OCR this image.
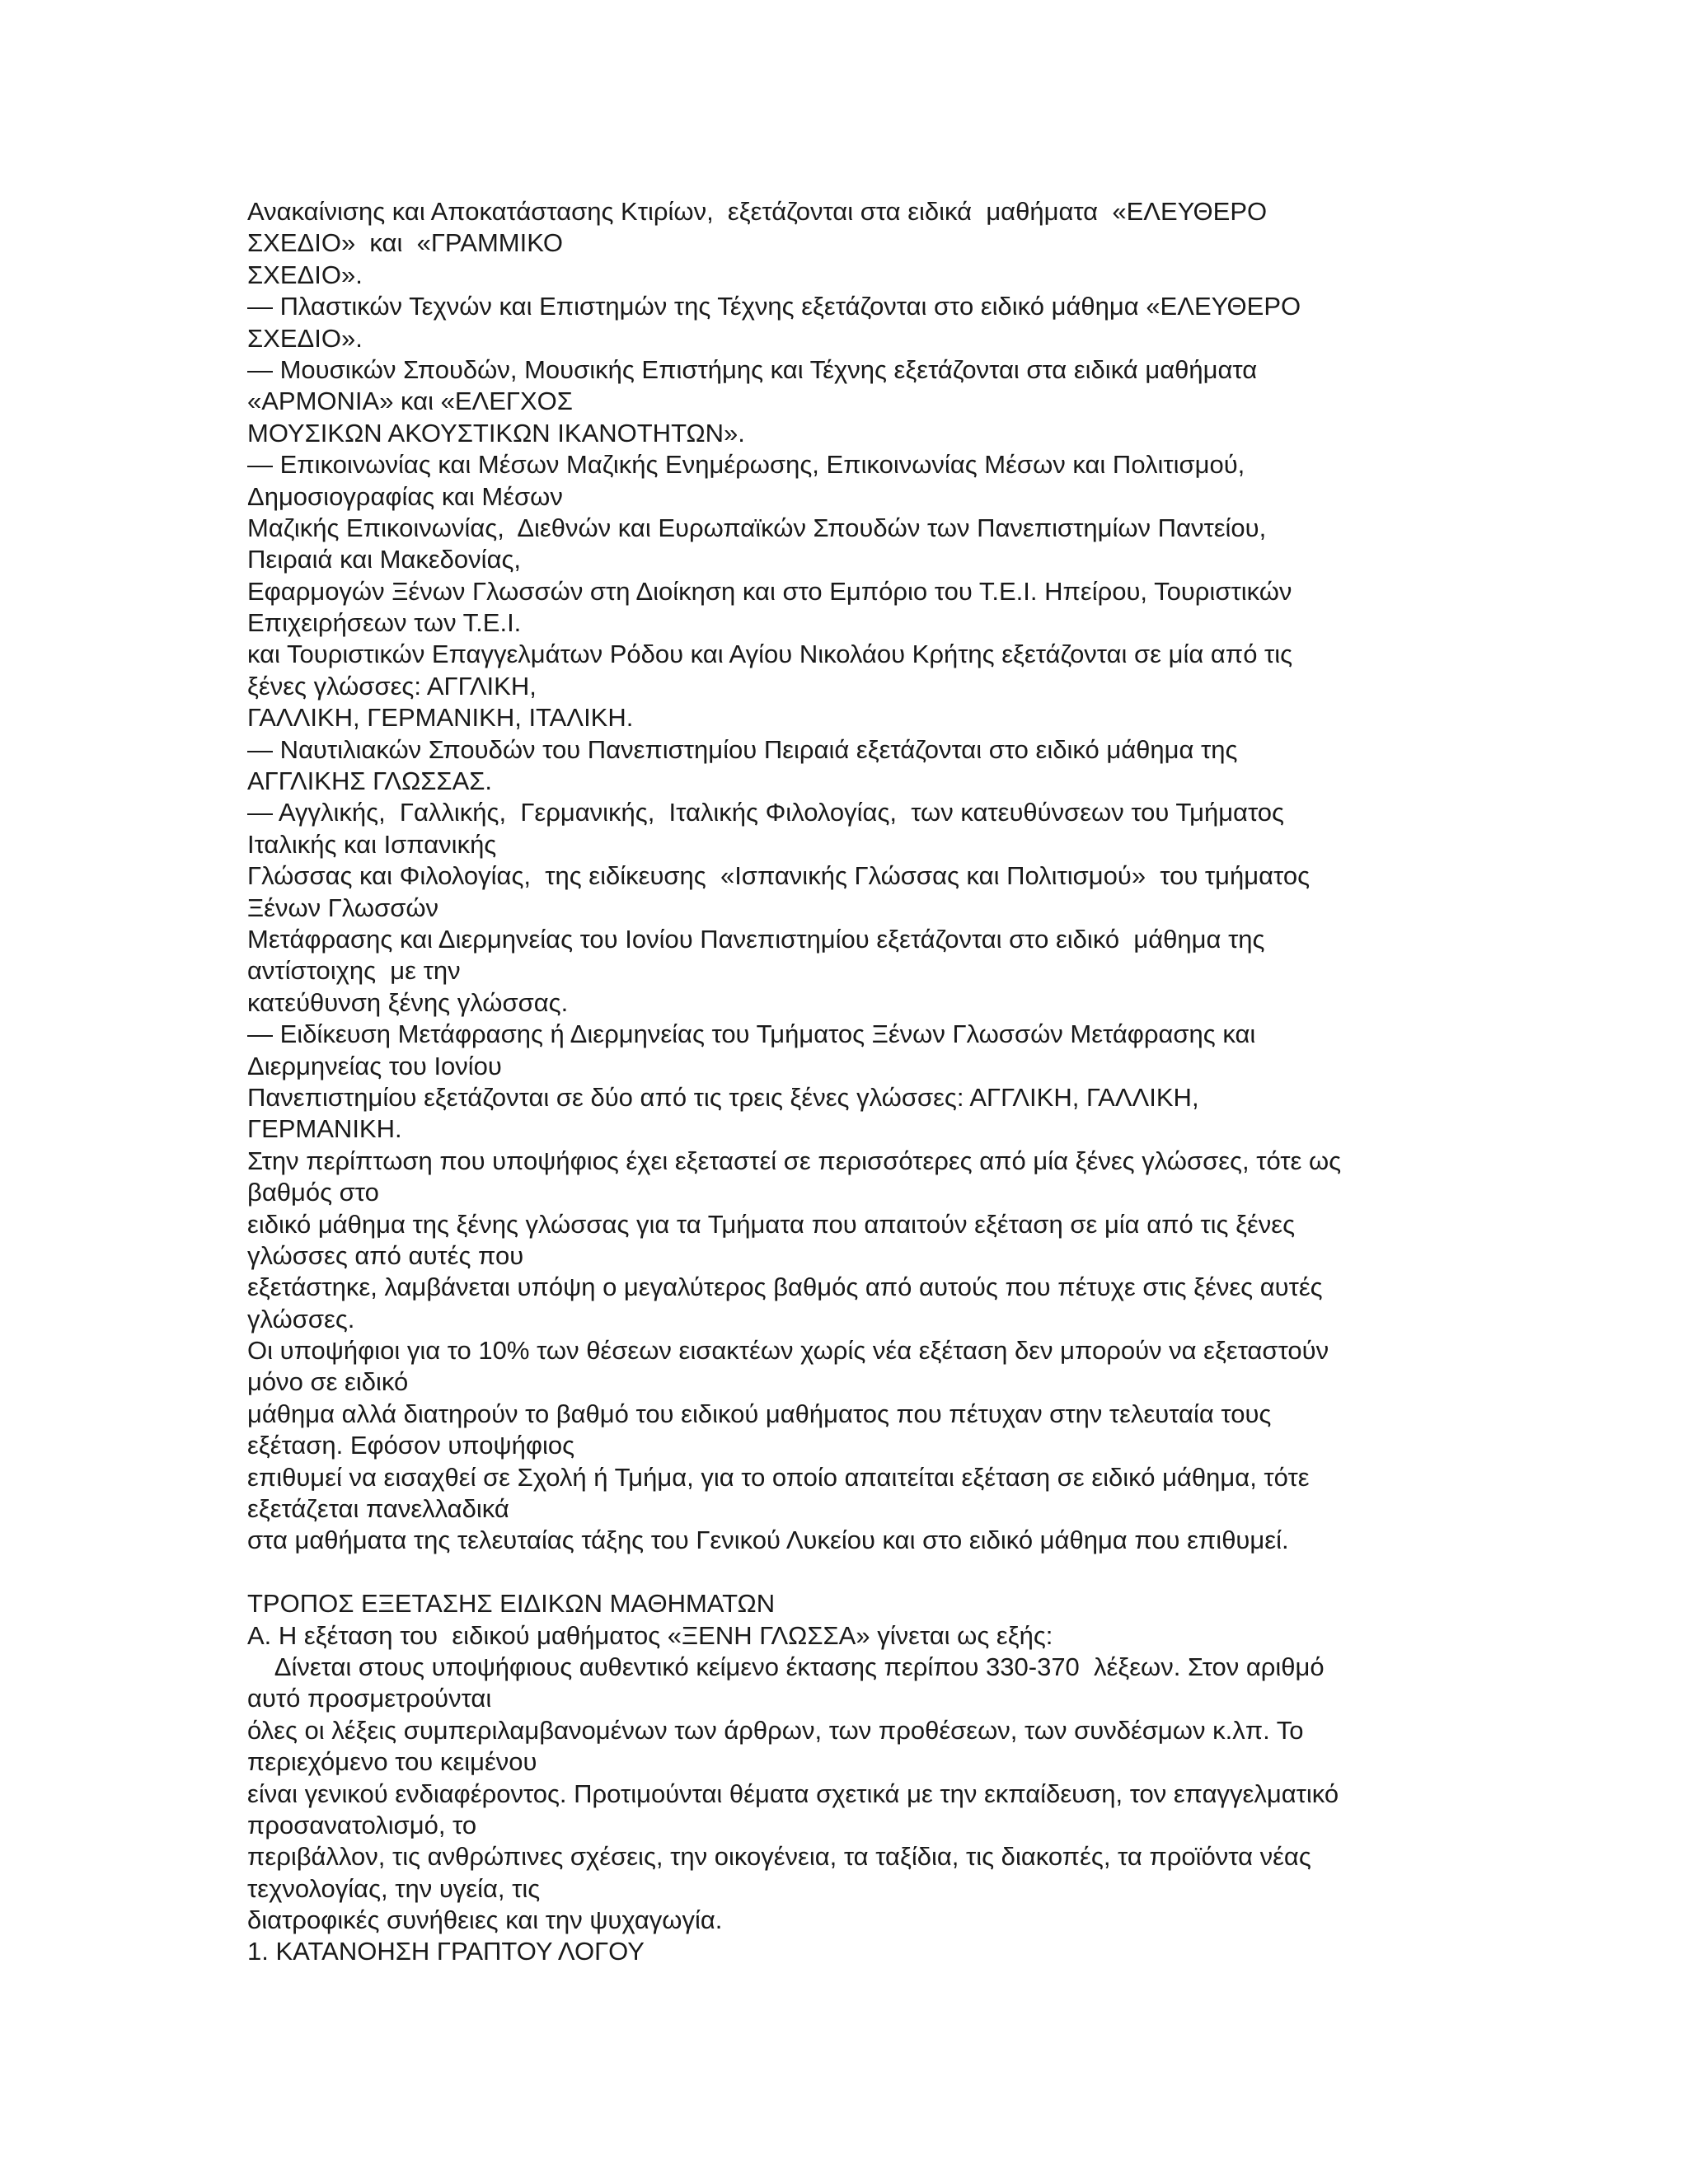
Ανακαίνισης και Αποκατάστασης Κτιρίων,  εξετάζονται στα ειδικά  μαθήματα  «ΕΛΕΥΘΕΡΟ
ΣΧΕΔΙΟ»  και  «ΓΡΑΜΜΙΚΟ
ΣΧΕΔΙΟ».
— Πλαστικών Τεχνών και Επιστημών της Τέχνης εξετάζονται στο ειδικό μάθημα «ΕΛΕΥΘΕΡΟ
ΣΧΕΔΙΟ».
— Μουσικών Σπουδών, Μουσικής Επιστήμης και Τέχνης εξετάζονται στα ειδικά μαθήματα
«ΑΡΜΟΝΙΑ» και «ΕΛΕΓΧΟΣ
ΜΟΥΣΙΚΩΝ ΑΚΟΥΣΤΙΚΩΝ ΙΚΑΝΟΤΗΤΩΝ».
— Επικοινωνίας και Μέσων Μαζικής Ενημέρωσης, Επικοινωνίας Μέσων και Πολιτισμού,
Δημοσιογραφίας και Μέσων
Μαζικής Επικοινωνίας,  Διεθνών και Ευρωπαϊκών Σπουδών των Πανεπιστημίων Παντείου,
Πειραιά και Μακεδονίας,
Εφαρμογών Ξένων Γλωσσών στη Διοίκηση και στο Εμπόριο του Τ.Ε.Ι. Ηπείρου, Τουριστικών
Επιχειρήσεων των Τ.Ε.Ι.
και Τουριστικών Επαγγελμάτων Ρόδου και Αγίου Νικολάου Κρήτης εξετάζονται σε μία από τις
ξένες γλώσσες: ΑΓΓΛΙΚΗ,
ΓΑΛΛΙΚΗ, ΓΕΡΜΑΝΙΚΗ, ΙΤΑΛΙΚΗ.
— Ναυτιλιακών Σπουδών του Πανεπιστημίου Πειραιά εξετάζονται στο ειδικό μάθημα της
ΑΓΓΛΙΚΗΣ ΓΛΩΣΣΑΣ.
— Αγγλικής,  Γαλλικής,  Γερμανικής,  Ιταλικής Φιλολογίας,  των κατευθύνσεων του Τμήματος
Ιταλικής και Ισπανικής
Γλώσσας και Φιλολογίας,  της ειδίκευσης  «Ισπανικής Γλώσσας και Πολιτισμού»  του τμήματος
Ξένων Γλωσσών
Μετάφρασης και Διερμηνείας του Ιονίου Πανεπιστημίου εξετάζονται στο ειδικό  μάθημα της
αντίστοιχης  με την
κατεύθυνση ξένης γλώσσας.
— Ειδίκευση Μετάφρασης ή Διερμηνείας του Τμήματος Ξένων Γλωσσών Μετάφρασης και
Διερμηνείας του Ιονίου
Πανεπιστημίου εξετάζονται σε δύο από τις τρεις ξένες γλώσσες: ΑΓΓΛΙΚΗ, ΓΑΛΛΙΚΗ,
ΓΕΡΜΑΝΙΚΗ.
Στην περίπτωση που υποψήφιος έχει εξεταστεί σε περισσότερες από μία ξένες γλώσσες, τότε ως
βαθμός στο
ειδικό μάθημα της ξένης γλώσσας για τα Τμήματα που απαιτούν εξέταση σε μία από τις ξένες
γλώσσες από αυτές που
εξετάστηκε, λαμβάνεται υπόψη ο μεγαλύτερος βαθμός από αυτούς που πέτυχε στις ξένες αυτές
γλώσσες.
Οι υποψήφιοι για το 10% των θέσεων εισακτέων χωρίς νέα εξέταση δεν μπορούν να εξεταστούν
μόνο σε ειδικό
μάθημα αλλά διατηρούν το βαθμό του ειδικού μαθήματος που πέτυχαν στην τελευταία τους
εξέταση. Εφόσον υποψήφιος
επιθυμεί να εισαχθεί σε Σχολή ή Τμήμα, για το οποίο απαιτείται εξέταση σε ειδικό μάθημα, τότε
εξετάζεται πανελλαδικά
στα μαθήματα της τελευταίας τάξης του Γενικού Λυκείου και στο ειδικό μάθημα που επιθυμεί.
ΤΡΟΠΟΣ ΕΞΕΤΑΣΗΣ ΕΙΔΙΚΩΝ ΜΑΘΗΜΑΤΩΝ
Α. Η εξέταση του  ειδικού μαθήματος «ΞΕΝΗ ΓΛΩΣΣΑ» γίνεται ως εξής:
Δίνεται στους υποψήφιους αυθεντικό κείμενο έκτασης περίπου 330-370  λέξεων. Στον αριθμό
αυτό προσμετρούνται
όλες οι λέξεις συμπεριλαμβανομένων των άρθρων, των προθέσεων, των συνδέσμων κ.λπ. Το
περιεχόμενο του κειμένου
είναι γενικού ενδιαφέροντος. Προτιμούνται θέματα σχετικά με την εκπαίδευση, τον επαγγελματικό
προσανατολισμό, το
περιβάλλον, τις ανθρώπινες σχέσεις, την οικογένεια, τα ταξίδια, τις διακοπές, τα προϊόντα νέας
τεχνολογίας, την υγεία, τις
διατροφικές συνήθειες και την ψυχαγωγία.
1. ΚΑΤΑΝΟΗΣΗ ΓΡΑΠΤΟΥ ΛΟΓΟΥ
